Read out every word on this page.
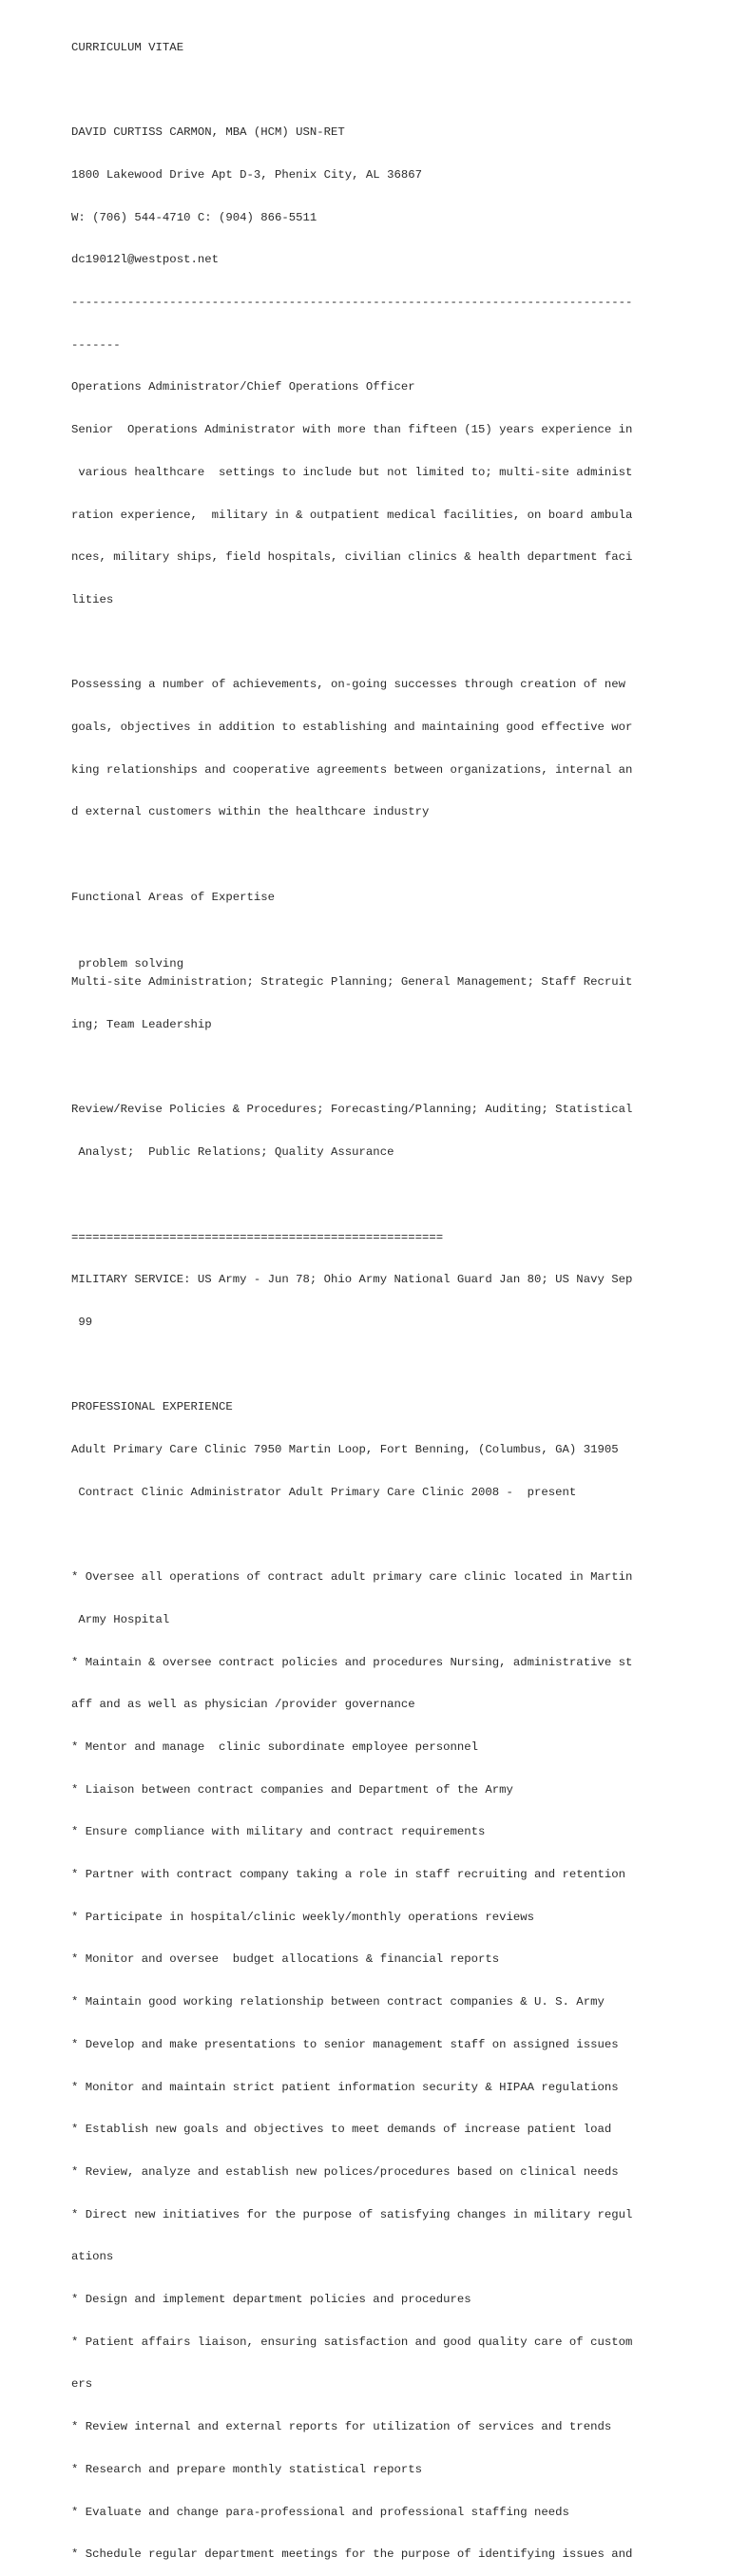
CURRICULUM VITAE

DAVID CURTISS CARMON, MBA (HCM) USN-RET

1800 Lakewood Drive Apt D-3, Phenix City, AL 36867

W: (706) 544-4710 C: (904) 866-5511

dc19012l@westpost.net

--------------------------------------------------------------------------------

-------

Operations Administrator/Chief Operations Officer

Senior  Operations Administrator with more than fifteen (15) years experience in

various healthcare  settings to include but not limited to; multi-site administ

ration experience,  military in & outpatient medical facilities, on board ambula

nces, military ships, field hospitals, civilian clinics & health department faci

lities

Possessing a number of achievements, on-going successes through creation of new

goals, objectives in addition to establishing and maintaining good effective wor

king relationships and cooperative agreements between organizations, internal an

d external customers within the healthcare industry

Functional Areas of Expertise

Multi-site Administration; Strategic Planning; General Management; Staff Recruit

ing; Team Leadership

Review/Revise Policies & Procedures; Forecasting/Planning; Auditing; Statistical

Analyst;  Public Relations; Quality Assurance

=====================================================

MILITARY SERVICE: US Army - Jun 78; Ohio Army National Guard Jan 80; US Navy Sep

99

PROFESSIONAL EXPERIENCE

Adult Primary Care Clinic 7950 Martin Loop, Fort Benning, (Columbus, GA) 31905

Contract Clinic Administrator Adult Primary Care Clinic 2008 -  present

* Oversee all operations of contract adult primary care clinic located in Martin

Army Hospital

* Maintain & oversee contract policies and procedures Nursing, administrative st

aff and as well as physician /provider governance

* Mentor and manage  clinic subordinate employee personnel

* Liaison between contract companies and Department of the Army

* Ensure compliance with military and contract requirements

* Partner with contract company taking a role in staff recruiting and retention

* Participate in hospital/clinic weekly/monthly operations reviews

* Monitor and oversee  budget allocations & financial reports

* Maintain good working relationship between contract companies & U. S. Army

* Develop and make presentations to senior management staff on assigned issues

* Monitor and maintain strict patient information security & HIPAA regulations

* Establish new goals and objectives to meet demands of increase patient load

* Review, analyze and establish new polices/procedures based on clinical needs

* Direct new initiatives for the purpose of satisfying changes in military regul

ations

* Design and implement department policies and procedures

* Patient affairs liaison, ensuring satisfaction and good quality care of custom

ers

* Review internal and external reports for utilization of services and trends

* Research and prepare monthly statistical reports

* Evaluate and change para-professional and professional staffing needs

* Schedule regular department meetings for the purpose of identifying issues and

problem solving
